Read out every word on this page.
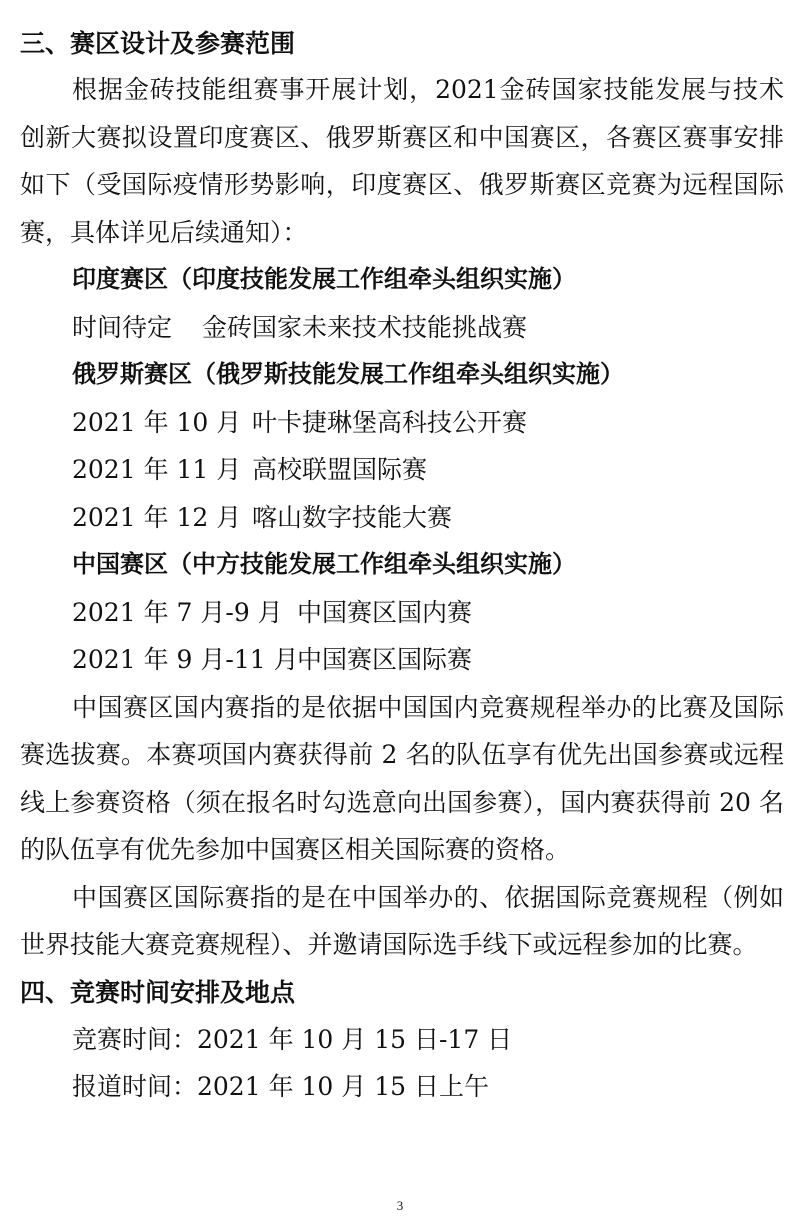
三、赛区设计及参赛范围

根据金砖技能组赛事开展计划，2021金砖国家技能发展与技术创新大赛拟设置印度赛区、俄罗斯赛区和中国赛区，各赛区赛事安排如下（受国际疫情形势影响，印度赛区、俄罗斯赛区竞赛为远程国际赛，具体详见后续通知）：

印度赛区（印度技能发展工作组牵头组织实施）
时间待定 金砖国家未来技术技能挑战赛
俄罗斯赛区（俄罗斯技能发展工作组牵头组织实施）
2021 年 10 月 叶卡捷琳堡高科技公开赛
2021 年 11 月 高校联盟国际赛
2021 年 12 月 喀山数字技能大赛
中国赛区（中方技能发展工作组牵头组织实施）
2021 年 7 月-9 月 中国赛区国内赛
2021 年 9 月-11 月中国赛区国际赛

中国赛区国内赛指的是依据中国国内竞赛规程举办的比赛及国际赛选拔赛。本赛项国内赛获得前 2 名的队伍享有优先出国参赛或远程线上参赛资格（须在报名时勾选意向出国参赛），国内赛获得前 20 名的队伍享有优先参加中国赛区相关国际赛的资格。

中国赛区国际赛指的是在中国举办的、依据国际竞赛规程（例如世界技能大赛竞赛规程）、并邀请国际选手线下或远程参加的比赛。

四、竞赛时间安排及地点
竞赛时间：2021 年 10 月 15 日-17 日
报道时间：2021 年 10 月 15 日上午
3
